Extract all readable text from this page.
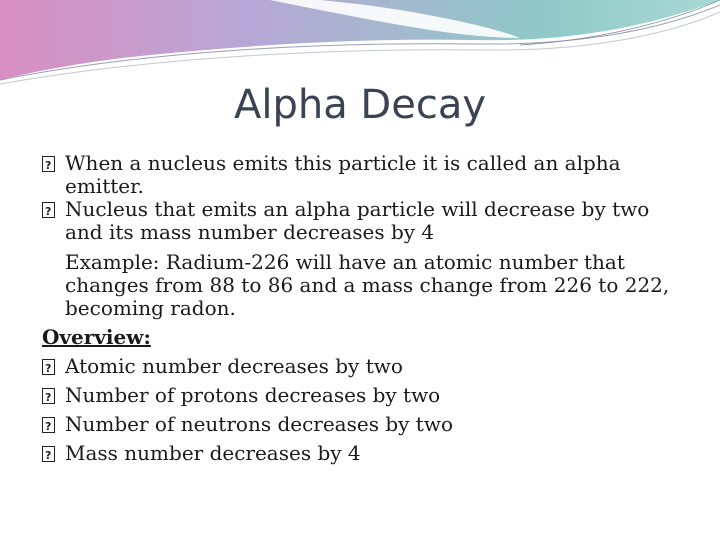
Alpha Decay
?
When a nucleus emits this particle it is called an alpha emitter.
?
Nucleus that emits an alpha particle will decrease by two and its mass number decreases by 4
Example: Radium-226 will have an atomic number that changes from 88 to 86 and a mass change from 226 to 222, becoming radon.
Overview:
?
Atomic number decreases by two
?
Number of protons decreases by two
?
Number of neutrons decreases by two
?
Mass number decreases by 4
